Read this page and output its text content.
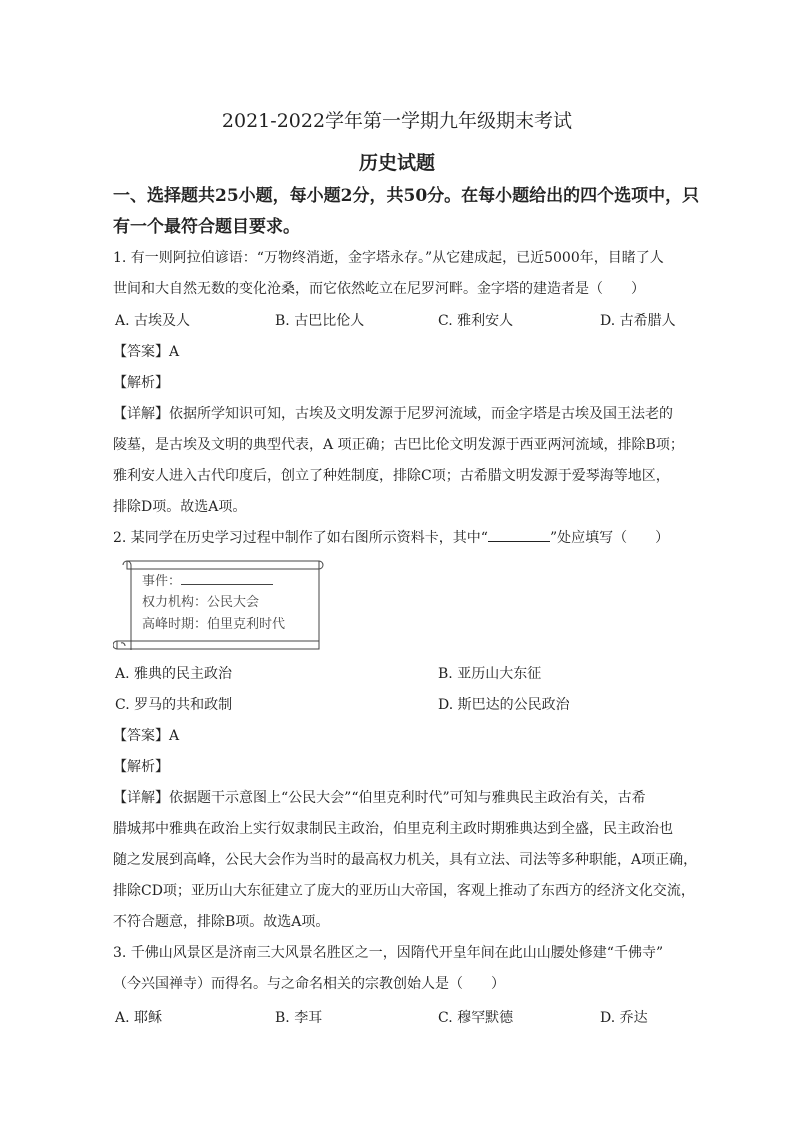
2021-2022学年第一学期九年级期末考试
历史试题
一、选择题共25小题，每小题2分，共50分。在每小题给出的四个选项中，只
有一个最符合题目要求。
1. 有一则阿拉伯谚语：“万物终消逝，金字塔永存。”从它建成起，已近5000年，目睹了人
世间和大自然无数的变化沧桑，而它依然屹立在尼罗河畔。金字塔的建造者是（　　）
A. 古埃及人	B. 古巴比伦人	C. 雅利安人	D. 古希腊人
【答案】A
【解析】
【详解】依据所学知识可知，古埃及文明发源于尼罗河流域，而金字塔是古埃及国王法老的
陵墓，是古埃及文明的典型代表，A 项正确；古巴比伦文明发源于西亚两河流域，排除B项；
雅利安人进入古代印度后，创立了种姓制度，排除C项；古希腊文明发源于爱琴海等地区，
排除D项。故选A项。
2. 某同学在历史学习过程中制作了如右图所示资料卡，其中“	”处应填写（　　）
事件：
权力机构：公民大会
高峰时期：伯里克利时代
A. 雅典的民主政治	B. 亚历山大东征
C. 罗马的共和政制	D. 斯巴达的公民政治
【答案】A
【解析】
【详解】依据题干示意图上“公民大会”“伯里克利时代”可知与雅典民主政治有关，古希
腊城邦中雅典在政治上实行奴隶制民主政治，伯里克利主政时期雅典达到全盛，民主政治也
随之发展到高峰，公民大会作为当时的最高权力机关，具有立法、司法等多种职能，A项正确，
排除CD项；亚历山大东征建立了庞大的亚历山大帝国，客观上推动了东西方的经济文化交流，
不符合题意，排除B项。故选A项。
3. 千佛山风景区是济南三大风景名胜区之一，因隋代开皇年间在此山山腰处修建“千佛寺”
（今兴国禅寺）而得名。与之命名相关的宗教创始人是（　　）
A. 耶稣	B. 李耳	C. 穆罕默德	D. 乔达
